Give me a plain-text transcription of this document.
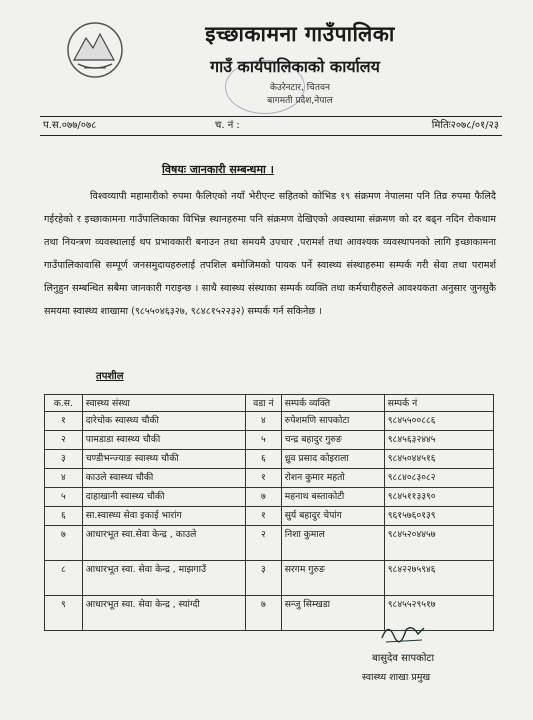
इच्छाकामना गाउँपालिका
गाउँ कार्यपालिकाको कार्यालय
केउरेनटार, चितवन
बागमती प्रदेश,नेपाल
प.स.०७७/०७८	च. नं :	मितिः२०७८/०१/२३
विषयः जानकारी सम्बन्धमा ।
विश्वव्यापी महामारीको रुपमा फैलिएको नयाँ भेरीएन्ट सहितको कोभिड १९ संक्रमण नेपालमा पनि तिव्र रुपमा फैलिदै गईरहेको र इच्छाकामना गाउँपालिकाका विभिन्न स्थानहरुमा पनि संक्रमण देखिएको अवस्थामा संक्रमण को दर बढ्न नदिन रोकथाम तथा नियन्त्रण व्यवस्थालाई थप प्रभावकारी बनाउन तथा समयमै उपचार ,परामर्श तथा आवश्यक व्यवस्थापनको लागि इच्छाकामना गाउँपालिकावासि सम्पूर्ण जनसमुदायहरुलाई तपशिल बमोजिमको पायक पर्ने स्वास्थ्य संस्थाहरुमा सम्पर्क गरी सेवा तथा परामर्श लिनुहुन सम्बन्धित सबैमा जानकारी गराइन्छ । साथै स्वास्थ्य संस्थाका सम्पर्क व्यक्ति तथा कर्मचारीहरुले आवश्यकता अनुसार जुनसुकै समयमा स्वास्थ्य शाखामा (९८५५०४६३२७, ९८४८१५२२३२) सम्पर्क गर्न सकिनेछ ।
तपशील
क.स.	स्वास्थ्य संस्था	वडा नं	सम्पर्क व्यक्ति	सम्पर्क नं
१	दारेचोक स्वास्थ्य चौकी	४	रुपेशमणि सापकोटा	९८४५५००८८६
२	पामडाडा स्वास्थ्य चौकी	५	चन्द्र बहादुर गुरुङ	९८४५६३२४४५
३	चण्डीभन्ज्याङ स्वास्थ्य चौकी	६	ध्रुव प्रसाद कोइराला	९८४५०४४५१६
४	काउले स्वास्थ्य चौकी	१	रोशन कुमार महतो	९८८४०८३०८२
५	दाहाखानी स्वास्थ्य चौकी	७	महनाथ बस्ताकोटी	९८४५११३३९०
६	सा.स्वास्थ्य सेवा इकाई भारांग	१	सुर्य बहादुर चेपांग	९६१५७६०१३९
७	आधारभूत स्वा.सेवा केन्द्र , काउले	२	निशा कुमाल	९८४५२०४४५७
८	आधारभूत स्वा. सेवा केन्द्र , माझगाउँ	३	सरगम गुरुङ	९८४२२७५९४६
९	आधारभूत स्वा. सेवा केन्द्र , स्यांग्दी	७	सन्जु सिम्खडा	९८४५५२९५१७
बासुदेव सापकोटा
स्वास्थ्य शाखा प्रमुख
